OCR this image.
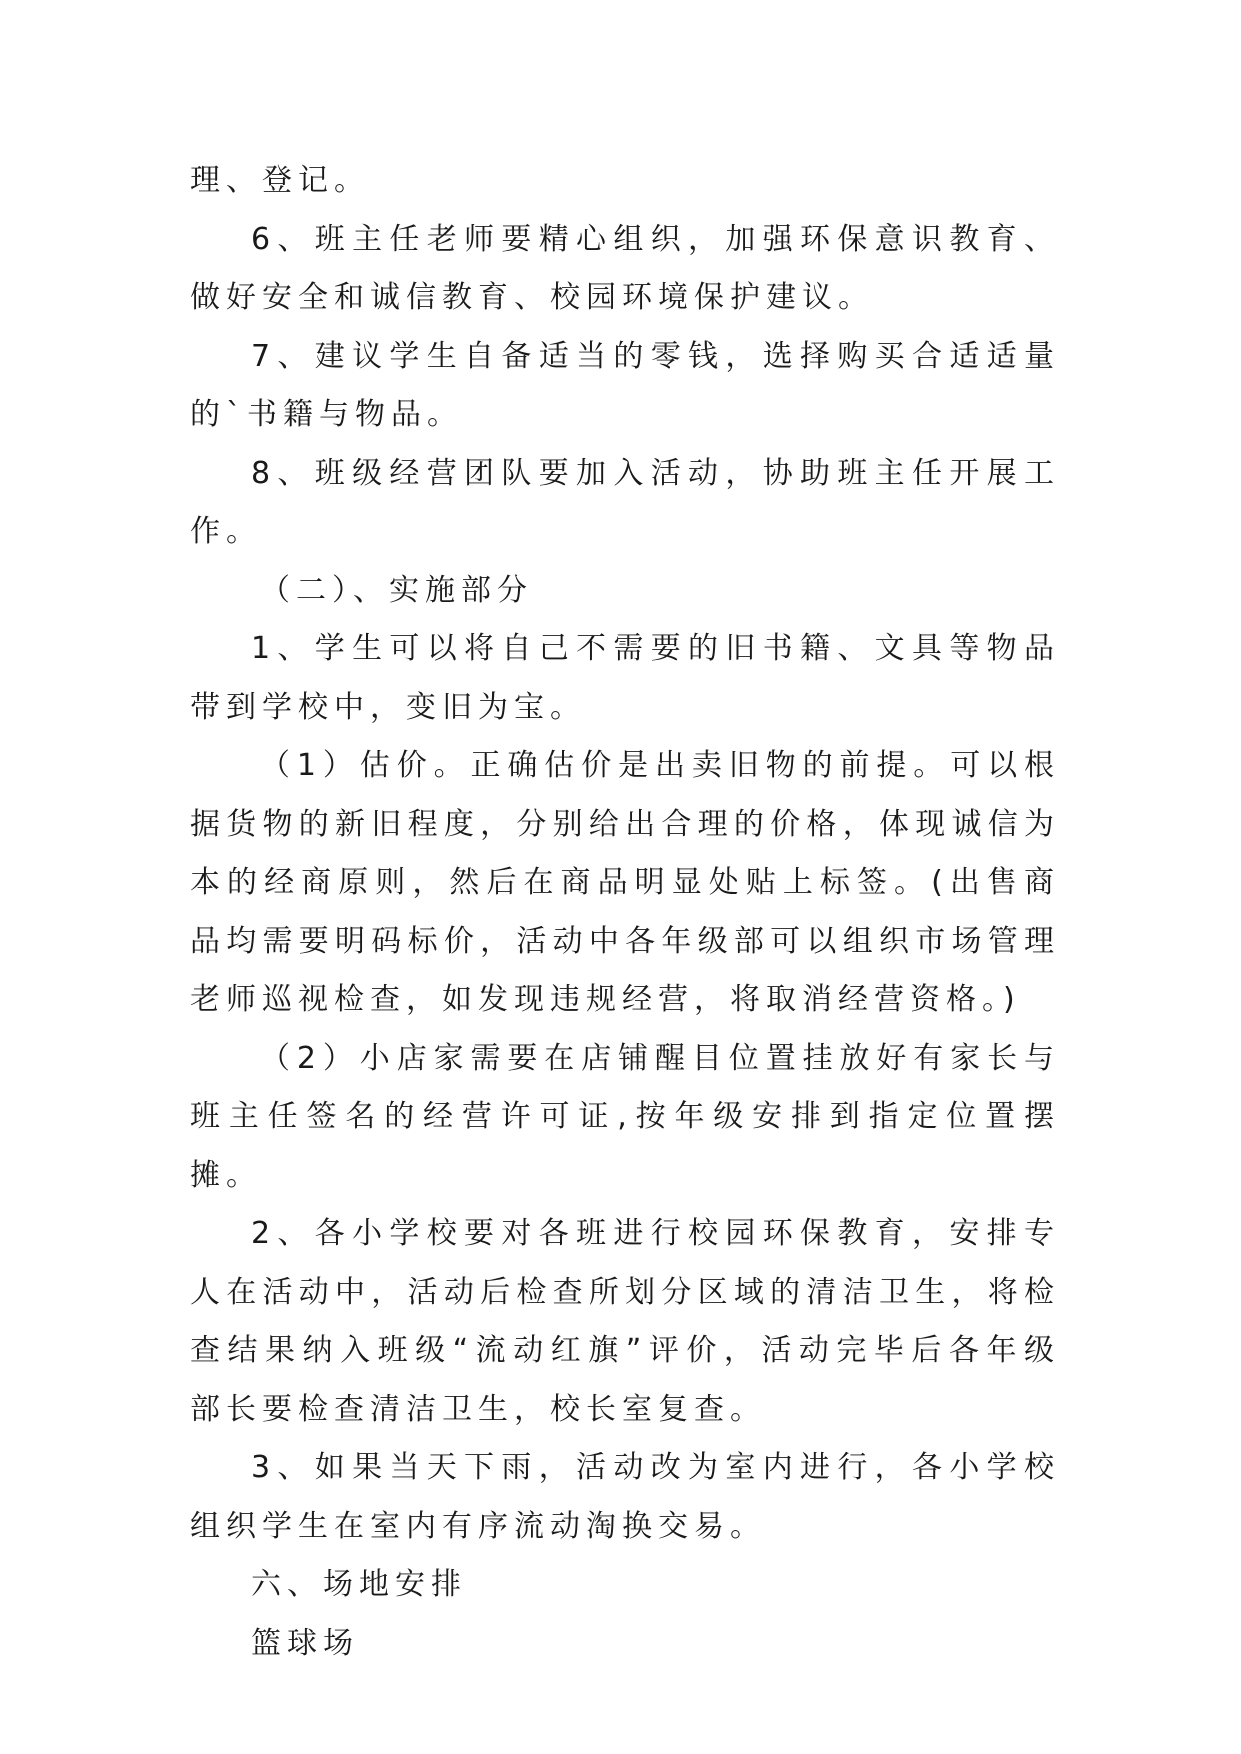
理、登记。

6、班主任老师要精心组织，加强环保意识教育、做好安全和诚信教育、校园环境保护建议。

7、建议学生自备适当的零钱，选择购买合适适量的`书籍与物品。

8、班级经营团队要加入活动，协助班主任开展工作。

（二）、实施部分

1、学生可以将自己不需要的旧书籍、文具等物品带到学校中，变旧为宝。

（1）估价。正确估价是出卖旧物的前提。可以根据货物的新旧程度，分别给出合理的价格，体现诚信为本的经商原则，然后在商品明显处贴上标签。(出售商品均需要明码标价，活动中各年级部可以组织市场管理老师巡视检查，如发现违规经营，将取消经营资格。)

（2）小店家需要在店铺醒目位置挂放好有家长与班主任签名的经营许可证,按年级安排到指定位置摆摊。

2、各小学校要对各班进行校园环保教育，安排专人在活动中，活动后检查所划分区域的清洁卫生，将检查结果纳入班级“流动红旗”评价，活动完毕后各年级部长要检查清洁卫生，校长室复查。

3、如果当天下雨，活动改为室内进行，各小学校组织学生在室内有序流动淘换交易。

六、场地安排

篮球场
